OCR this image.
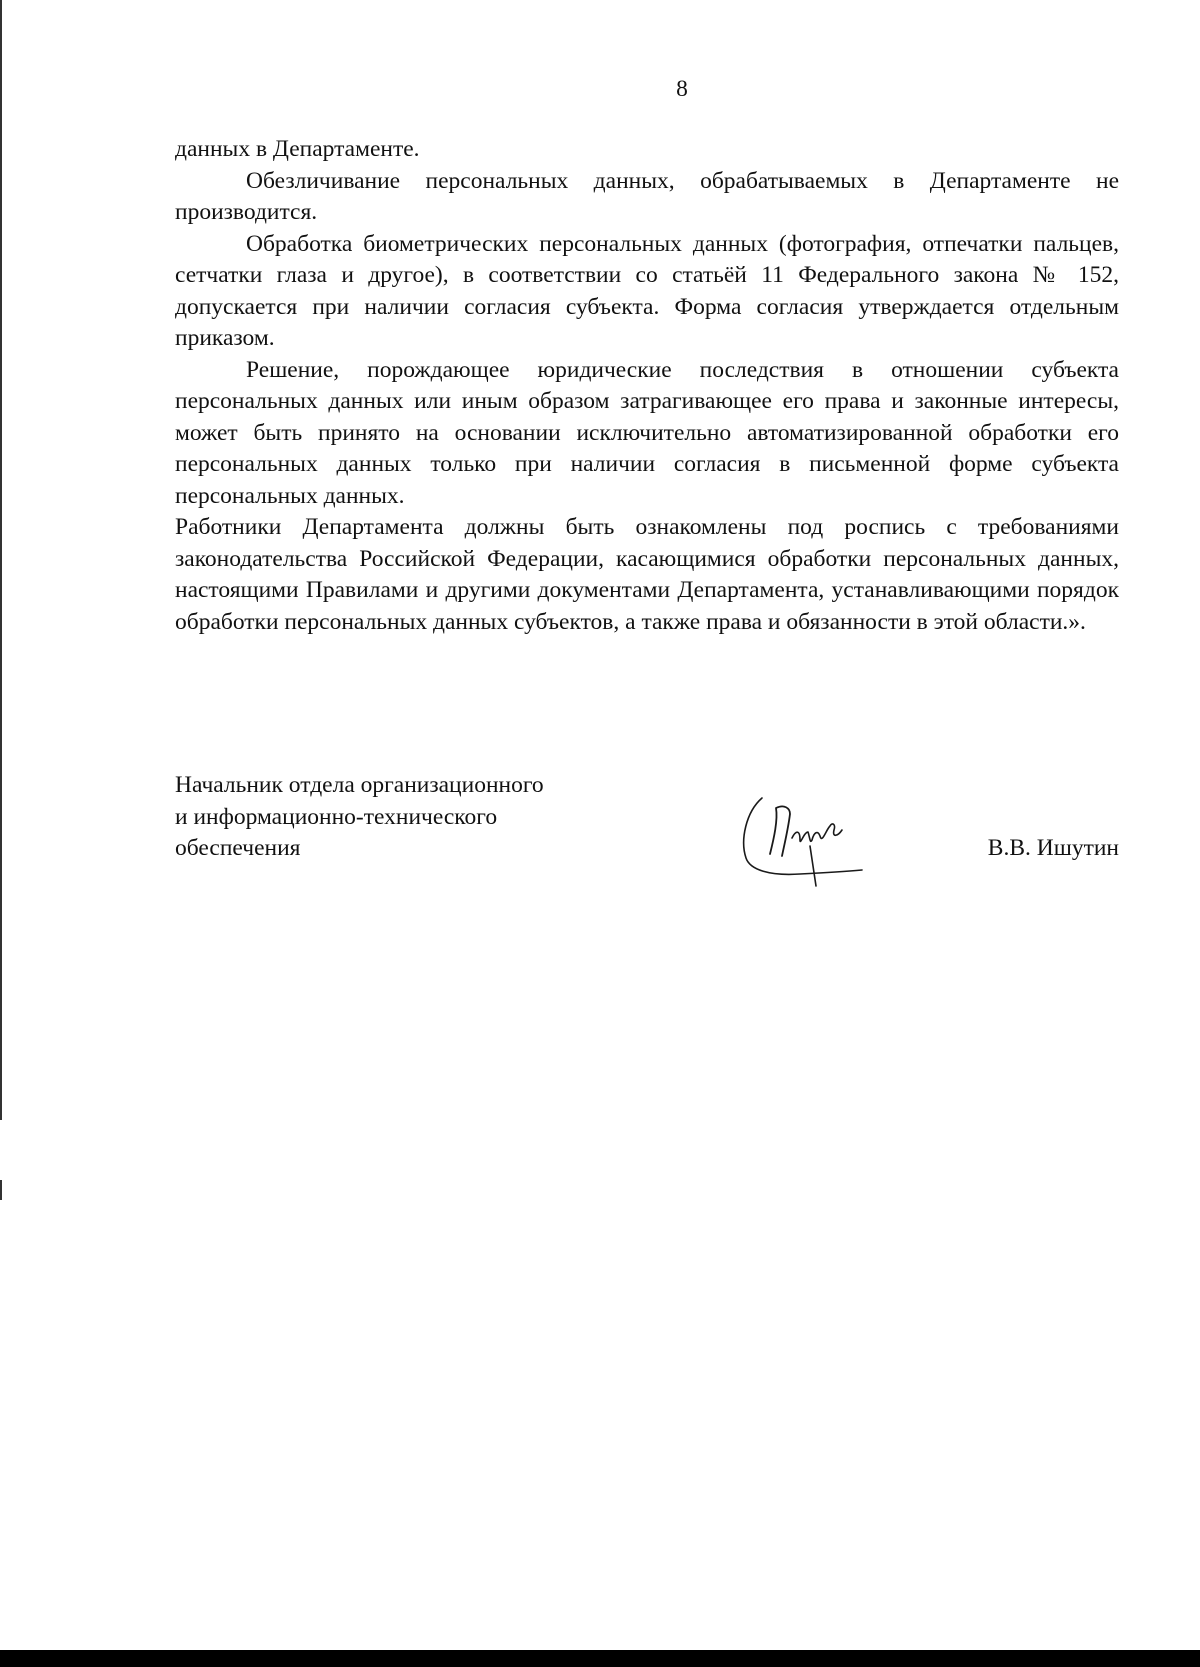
8

данных в Департаменте.

Обезличивание персональных данных, обрабатываемых в Департаменте не производится.

Обработка биометрических персональных данных (фотография, отпечатки пальцев, сетчатки глаза и другое), в соответствии со статьёй 11 Федерального закона № 152, допускается при наличии согласия субъекта. Форма согласия утверждается отдельным приказом.

Решение, порождающее юридические последствия в отношении субъекта персональных данных или иным образом затрагивающее его права и законные интересы, может быть принято на основании исключительно автоматизированной обработки его персональных данных только при наличии согласия в письменной форме субъекта персональных данных.

Работники Департамента должны быть ознакомлены под роспись с требованиями законодательства Российской Федерации, касающимися обработки персональных данных, настоящими Правилами и другими документами Департамента, устанавливающими порядок обработки персональных данных субъектов, а также права и обязанности в этой области.».

Начальник отдела организационного
и информационно-технического
обеспечения	В.В. Ишутин
